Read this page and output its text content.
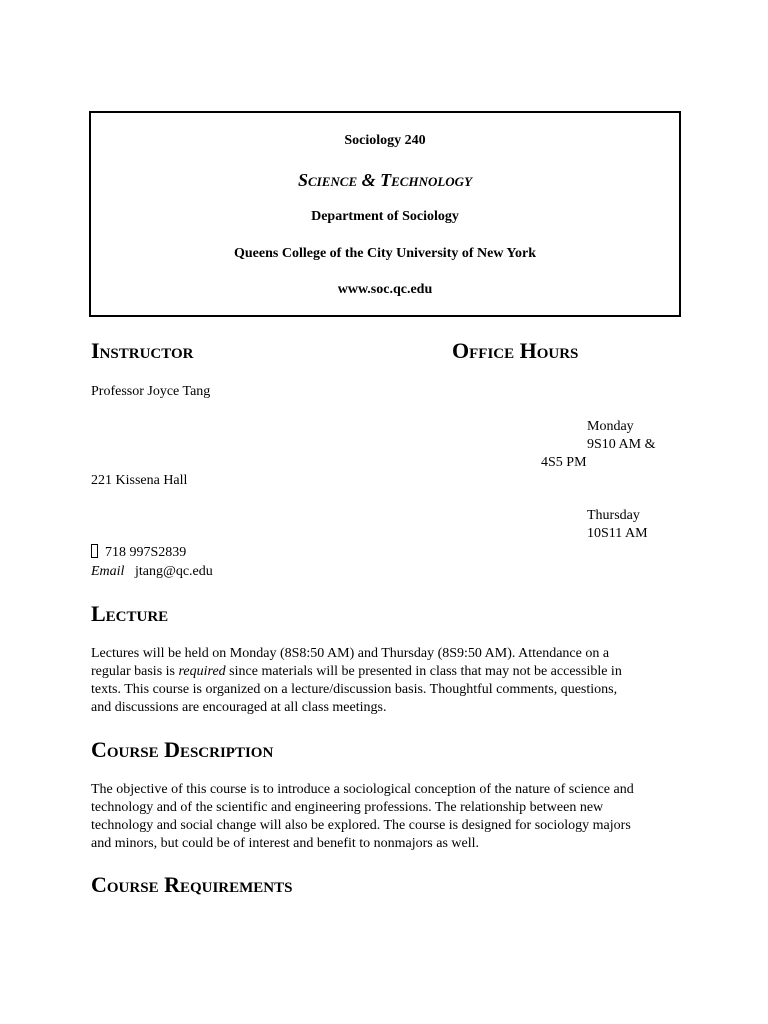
Sociology 240
Science & Technology
Department of Sociology
Queens College of the City University of New York
www.soc.qc.edu
Instructor	Office Hours
Professor Joyce Tang
Monday
9S10 AM &
4S5 PM
221 Kissena Hall
Thursday
10S11 AM
718 997S2839
Email jtang@qc.edu
Lecture
Lectures will be held on Monday (8S8:50 AM) and Thursday (8S9:50 AM). Attendance on a
regular basis is required since materials will be presented in class that may not be accessible in
texts. This course is organized on a lecture/discussion basis. Thoughtful comments, questions,
and discussions are encouraged at all class meetings.
Course Description
The objective of this course is to introduce a sociological conception of the nature of science and
technology and of the scientific and engineering professions. The relationship between new
technology and social change will also be explored. The course is designed for sociology majors
and minors, but could be of interest and benefit to nonmajors as well.
Course Requirements
